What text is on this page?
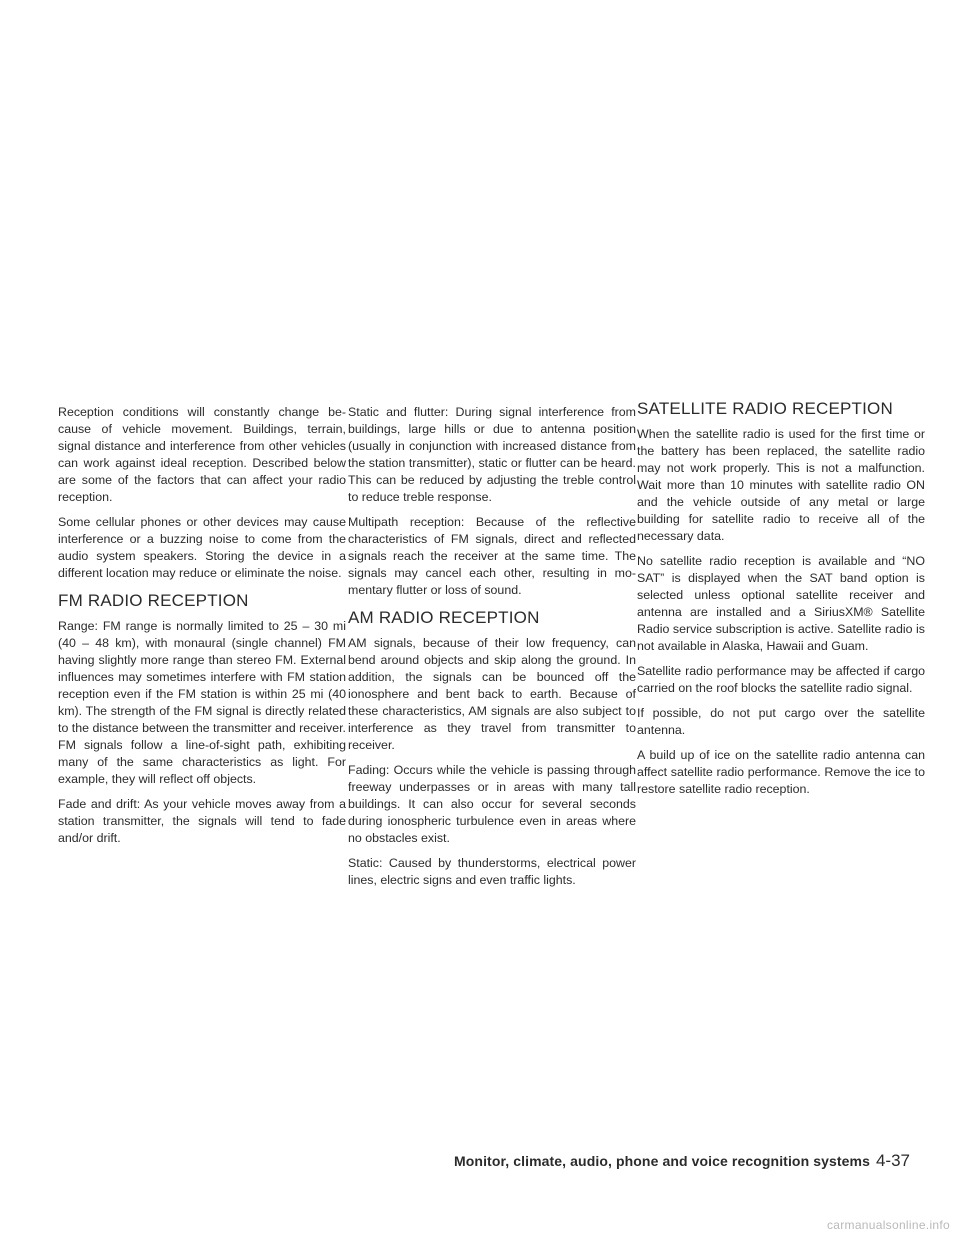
Reception conditions will constantly change because of vehicle movement. Buildings, terrain, signal distance and interference from other vehicles can work against ideal reception. Described below are some of the factors that can affect your radio reception.

Some cellular phones or other devices may cause interference or a buzzing noise to come from the audio system speakers. Storing the device in a different location may reduce or eliminate the noise.

FM RADIO RECEPTION

Range: FM range is normally limited to 25 – 30 mi (40 – 48 km), with monaural (single channel) FM having slightly more range than stereo FM. External influences may sometimes interfere with FM station reception even if the FM station is within 25 mi (40 km). The strength of the FM signal is directly related to the distance between the transmitter and receiver. FM signals follow a line-of-sight path, exhibiting many of the same characteristics as light. For example, they will reflect off objects.

Fade and drift: As your vehicle moves away from a station transmitter, the signals will tend to fade and/or drift.

Static and flutter: During signal interference from buildings, large hills or due to antenna position (usually in conjunction with increased distance from the station transmitter), static or flutter can be heard. This can be reduced by adjusting the treble control to reduce treble response.

Multipath reception: Because of the reflective characteristics of FM signals, direct and reflected signals reach the receiver at the same time. The signals may cancel each other, resulting in momentary flutter or loss of sound.

AM RADIO RECEPTION

AM signals, because of their low frequency, can bend around objects and skip along the ground. In addition, the signals can be bounced off the ionosphere and bent back to earth. Because of these characteristics, AM signals are also subject to interference as they travel from transmitter to receiver.

Fading: Occurs while the vehicle is passing through freeway underpasses or in areas with many tall buildings. It can also occur for several seconds during ionospheric turbulence even in areas where no obstacles exist.

Static: Caused by thunderstorms, electrical power lines, electric signs and even traffic lights.

SATELLITE RADIO RECEPTION

When the satellite radio is used for the first time or the battery has been replaced, the satellite radio may not work properly. This is not a malfunction. Wait more than 10 minutes with satellite radio ON and the vehicle outside of any metal or large building for satellite radio to receive all of the necessary data.

No satellite radio reception is available and “NO SAT” is displayed when the SAT band option is selected unless optional satellite receiver and antenna are installed and a SiriusXM® Satellite Radio service subscription is active. Satellite radio is not available in Alaska, Hawaii and Guam.

Satellite radio performance may be affected if cargo carried on the roof blocks the satellite radio signal.

If possible, do not put cargo over the satellite antenna.

A build up of ice on the satellite radio antenna can affect satellite radio performance. Remove the ice to restore satellite radio reception.

Monitor, climate, audio, phone and voice recognition systems 4-37
carmanualsonline.info
